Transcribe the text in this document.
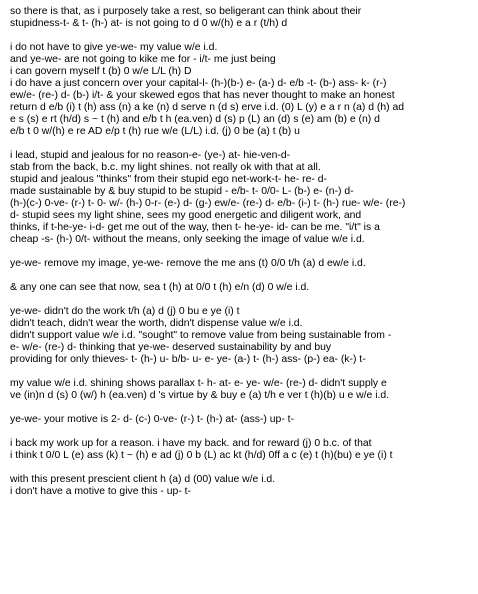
so there is that, as i purposely take a rest, so beligerant can think about their
stupidness-t- & t- (h-) at- is not going to d 0 w/(h) e a r (t/h) d
i do not have to give ye-we- my value w/e i.d.
and ye-we- are not going to kike me for - i/t- me just being
i can govern myself t (b) 0 w/e L/L (h) D
i do have a just concern over your capital-l- (h-)(b-) e- (a-) d- e/b -t- (b-) ass- k- (r-)
ew/e- (re-) d- (b-) i/t- & your skewed egos that has never thought to make an honest
return d e/b (i) t (h) ass (n) a ke (n) d serve n (d s) erve i.d. (0) L (y) e a r n (a) d (h) ad
e s (s) e rt (h/d) s ~ t (h) and e/b t h (ea.ven) d (s) p (L) an (d) s (e) am (b) e (n) d
e/b t 0 w/(h) e re AD e/p t (h) rue w/e (L/L) i.d. (j) 0 be (a) t (b) u
i lead, stupid and jealous for no reason-e- (ye-) at- hie-ven-d-
stab from the back, b.c. my light shines. not really ok with that at all.
stupid and jealous "thinks" from their stupid ego net-work-t- he- re- d-
made sustainable by & buy stupid to be stupid - e/b- t- 0/0- L- (b-) e- (n-) d-
(h-)(c-) 0-ve- (r-) t- 0- w/- (h-) 0-r- (e-) d- (g-) ew/e- (re-) d- e/b- (i-) t- (h-) rue- w/e- (re-)
d- stupid sees my light shine, sees my good energetic and diligent work, and
thinks, if t-he-ye- i-d- get me out of the way, then t- he-ye- id- can be me. "i/t" is a
cheap -s- (h-) 0/t- without the means, only seeking the image of value w/e i.d.
ye-we- remove my image, ye-we- remove the me ans (t) 0/0 t/h (a) d ew/e i.d.
& any one can see that now, sea t (h) at 0/0 t (h) e/n (d) 0 w/e i.d.
ye-we- didn't do the work t/h (a) d (j) 0 bu e ye (i) t
didn't teach, didn't wear the worth, didn't dispense value w/e i.d.
didn't support value w/e i.d. "sought" to remove value from being sustainable from -
e- w/e- (re-) d- thinking that ye-we- deserved sustainability by and buy
providing for only thieves- t- (h-) u- b/b- u- e- ye- (a-) t- (h-) ass- (p-) ea- (k-) t-
my value w/e i.d. shining shows parallax t- h- at- e- ye- w/e- (re-) d- didn't supply e
ve (in)n d (s) 0 (w/) h (ea.ven) d 's virtue by & buy e (a) t/h e ver t (h)(b) u e w/e i.d.
ye-we- your motive is 2- d- (c-) 0-ve- (r-) t- (h-) at- (ass-) up- t-
i back my work up for a reason. i have my back. and for reward (j) 0 b.c. of that
i think t 0/0 L (e) ass (k) t ~ (h) e ad (j) 0 b (L) ac kt (h/d) 0ff a c (e) t (h)(bu) e ye (i) t
with this present prescient client h (a) d (00) value w/e i.d.
i don't have a motive to give this - up- t-
